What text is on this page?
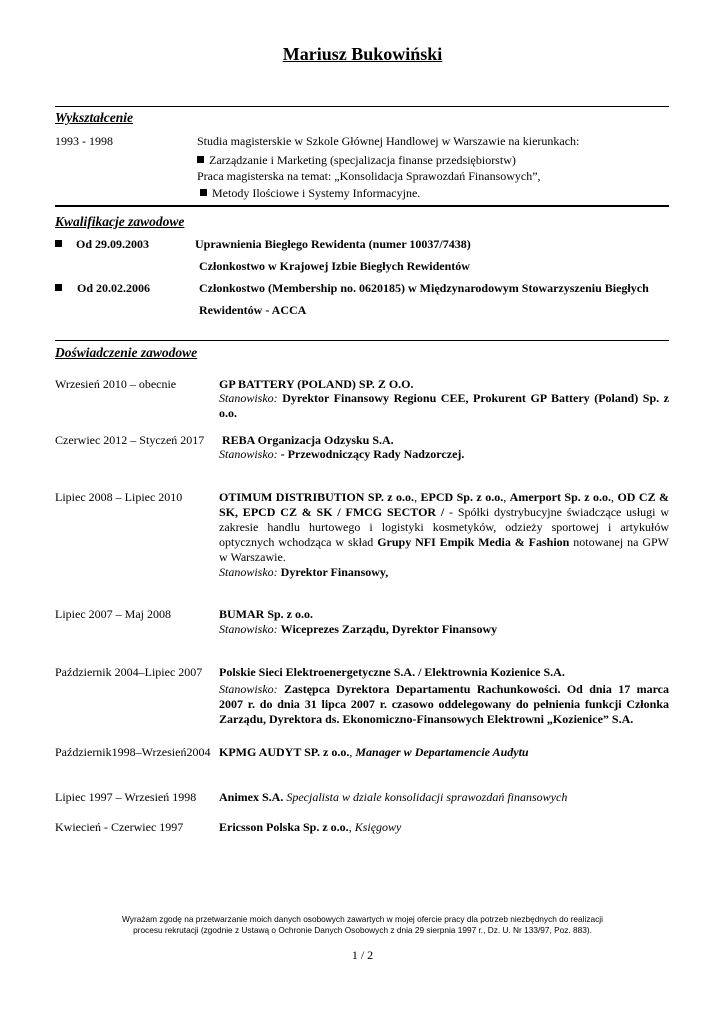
Mariusz Bukowiński
Wykształcenie
1993 - 1998	Studia magisterskie w Szkole Głównej Handlowej w Warszawie na kierunkach:
Zarządzanie i Marketing (specjalizacja finanse przedsiębiorstw)
Praca magisterska na temat: „Konsolidacja Sprawozdań Finansowych”,
Metody Ilościowe i Systemy Informacyjne.
Kwalifikacje zawodowe
Od 29.09.2003	Uprawnienia Biegłego Rewidenta (numer 10037/7438)
Członkostwo w Krajowej Izbie Biegłych Rewidentów
Od 20.02.2006	Członkostwo (Membership no. 0620185) w Międzynarodowym Stowarzyszeniu Biegłych
Rewidentów - ACCA
Doświadczenie zawodowe
Wrzesień 2010 – obecnie	GP BATTERY (POLAND) SP. Z O.O.
Stanowisko: Dyrektor Finansowy Regionu CEE, Prokurent GP Battery (Poland) Sp. z o.o.
Czerwiec 2012 – Styczeń 2017 REBA Organizacja Odzysku S.A.
Stanowisko: - Przewodniczący Rady Nadzorczej.
Lipiec 2008 – Lipiec 2010	OTIMUM DISTRIBUTION SP. z o.o., EPCD Sp. z o.o., Amerport Sp. z o.o., OD CZ & SK, EPCD CZ & SK / FMCG SECTOR / - Spółki dystrybucyjne świadczące usługi w zakresie handlu hurtowego i logistyki kosmetyków, odzieży sportowej i artykułów optycznych wchodząca w skład Grupy NFI Empik Media & Fashion notowanej na GPW w Warszawie.
Stanowisko: Dyrektor Finansowy,
Lipiec 2007 – Maj 2008	BUMAR Sp. z o.o.
Stanowisko: Wiceprezes Zarządu, Dyrektor Finansowy
Październik 2004–Lipiec 2007 Polskie Sieci Elektroenergetyczne S.A. / Elektrownia Kozienice S.A.
Stanowisko: Zastępca Dyrektora Departamentu Rachunkowości. Od dnia 17 marca 2007 r. do dnia 31 lipca 2007 r. czasowo oddelegowany do pełnienia funkcji Członka Zarządu, Dyrektora ds. Ekonomiczno-Finansowych Elektrowni „Kozienice” S.A.
Październik1998–Wrzesień2004 KPMG AUDYT SP. z o.o., Manager w Departamencie Audytu
Lipiec 1997 – Wrzesień 1998 Animex S.A. Specjalista w dziale konsolidacji sprawozdań finansowych
Kwiecień - Czerwiec 1997	Ericsson Polska Sp. z o.o., Księgowy
Wyrażam zgodę na przetwarzanie moich danych osobowych zawartych w mojej ofercie pracy dla potrzeb niezbędnych do realizacji procesu rekrutacji (zgodnie z Ustawą o Ochronie Danych Osobowych z dnia 29 sierpnia 1997 r., Dz. U. Nr 133/97, Poz. 883).
1 / 2
